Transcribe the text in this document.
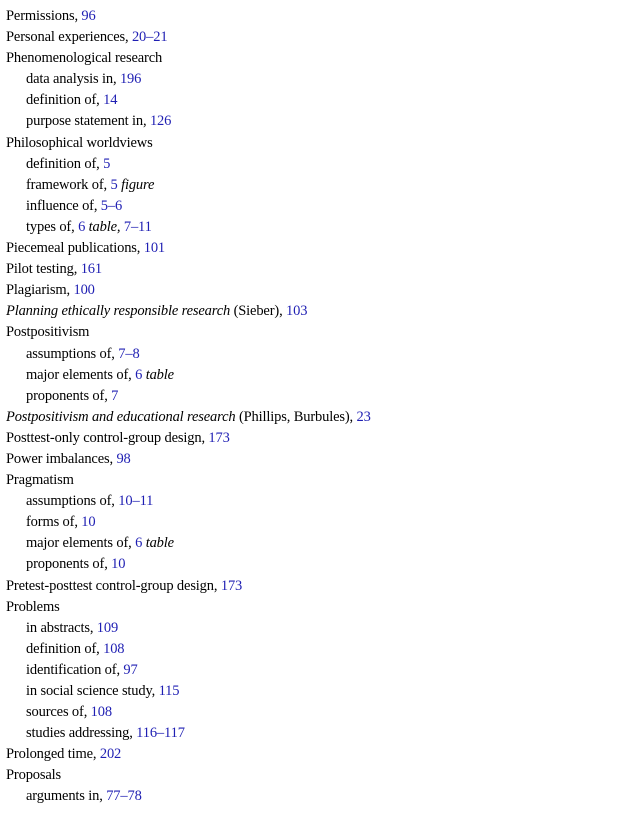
Permissions, 96
Personal experiences, 20–21
Phenomenological research
data analysis in, 196
definition of, 14
purpose statement in, 126
Philosophical worldviews
definition of, 5
framework of, 5 figure
influence of, 5–6
types of, 6 table, 7–11
Piecemeal publications, 101
Pilot testing, 161
Plagiarism, 100
Planning ethically responsible research (Sieber), 103
Postpositivism
assumptions of, 7–8
major elements of, 6 table
proponents of, 7
Postpositivism and educational research (Phillips, Burbules), 23
Posttest-only control-group design, 173
Power imbalances, 98
Pragmatism
assumptions of, 10–11
forms of, 10
major elements of, 6 table
proponents of, 10
Pretest-posttest control-group design, 173
Problems
in abstracts, 109
definition of, 108
identification of, 97
in social science study, 115
sources of, 108
studies addressing, 116–117
Prolonged time, 202
Proposals
arguments in, 77–78
